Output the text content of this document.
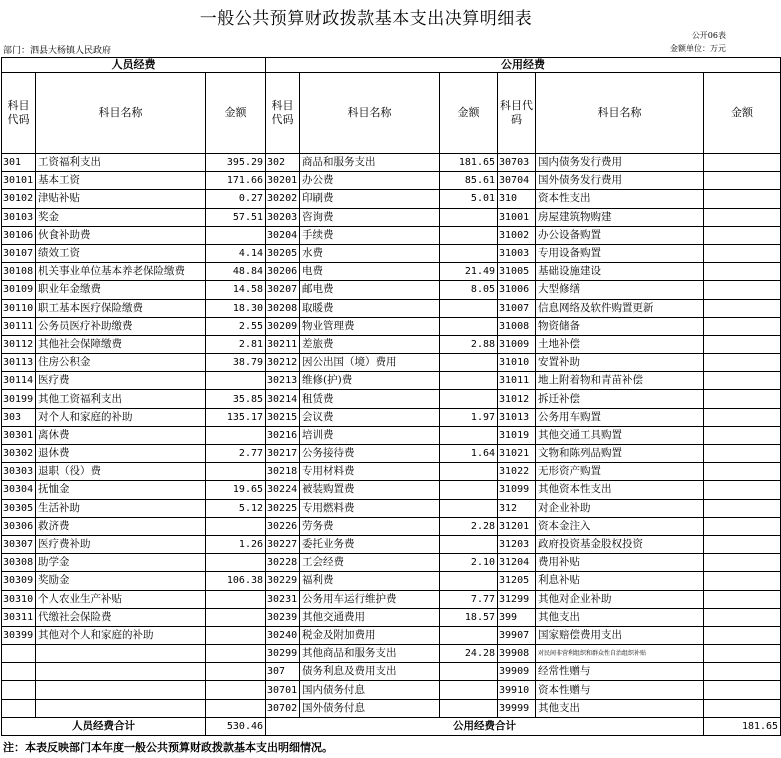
一般公共预算财政拨款基本支出决算明细表
公开06表
部门：泗县大杨镇人民政府	金额单位：万元
人员经费			公用经费					
科目代码	科目名称	金额	科目代码	科目名称	金额	科目代码	科目名称	金额
301	工资福利支出	395.29	302	商品和服务支出	181.65	30703	国内债务发行费用	
30101	基本工资	171.66	30201	办公费	85.61	30704	国外债务发行费用	
30102	津贴补贴	0.27	30202	印刷费	5.01	310	资本性支出	
30103	奖金	57.51	30203	咨询费		31001	房屋建筑物购建	
30106	伙食补助费		30204	手续费		31002	办公设备购置	
30107	绩效工资	4.14	30205	水费		31003	专用设备购置	
30108	机关事业单位基本养老保险缴费	48.84	30206	电费	21.49	31005	基础设施建设	
30109	职业年金缴费	14.58	30207	邮电费	8.05	31006	大型修缮	
30110	职工基本医疗保险缴费	18.30	30208	取暖费		31007	信息网络及软件购置更新	
30111	公务员医疗补助缴费	2.55	30209	物业管理费		31008	物资储备	
30112	其他社会保障缴费	2.81	30211	差旅费	2.88	31009	土地补偿	
30113	住房公积金	38.79	30212	因公出国（境）费用		31010	安置补助	
30114	医疗费		30213	维修(护)费		31011	地上附着物和青苗补偿	
30199	其他工资福利支出	35.85	30214	租赁费		31012	拆迁补偿	
303	对个人和家庭的补助	135.17	30215	会议费	1.97	31013	公务用车购置	
30301	离休费		30216	培训费		31019	其他交通工具购置	
30302	退休费	2.77	30217	公务接待费	1.64	31021	文物和陈列品购置	
30303	退职（役）费		30218	专用材料费		31022	无形资产购置	
30304	抚恤金	19.65	30224	被装购置费		31099	其他资本性支出	
30305	生活补助	5.12	30225	专用燃料费		312	对企业补助	
30306	救济费		30226	劳务费	2.28	31201	资本金注入	
30307	医疗费补助	1.26	30227	委托业务费		31203	政府投资基金股权投资	
30308	助学金		30228	工会经费	2.10	31204	费用补贴	
30309	奖励金	106.38	30229	福利费		31205	利息补贴	
30310	个人农业生产补贴		30231	公务用车运行维护费	7.77	31299	其他对企业补助	
30311	代缴社会保险费		30239	其他交通费用	18.57	399	其他支出	
30399	其他对个人和家庭的补助		30240	税金及附加费用		39907	国家赔偿费用支出	
			30299	其他商品和服务支出	24.28	39908	对民间非营利组织和群众性自治组织补贴	
			307	债务利息及费用支出		39909	经常性赠与	
			30701	国内债务付息		39910	资本性赠与	
			30702	国外债务付息		39999	其他支出	
人员经费合计		530.46	公用经费合计					181.65
注：本表反映部门本年度一般公共预算财政拨款基本支出明细情况。
